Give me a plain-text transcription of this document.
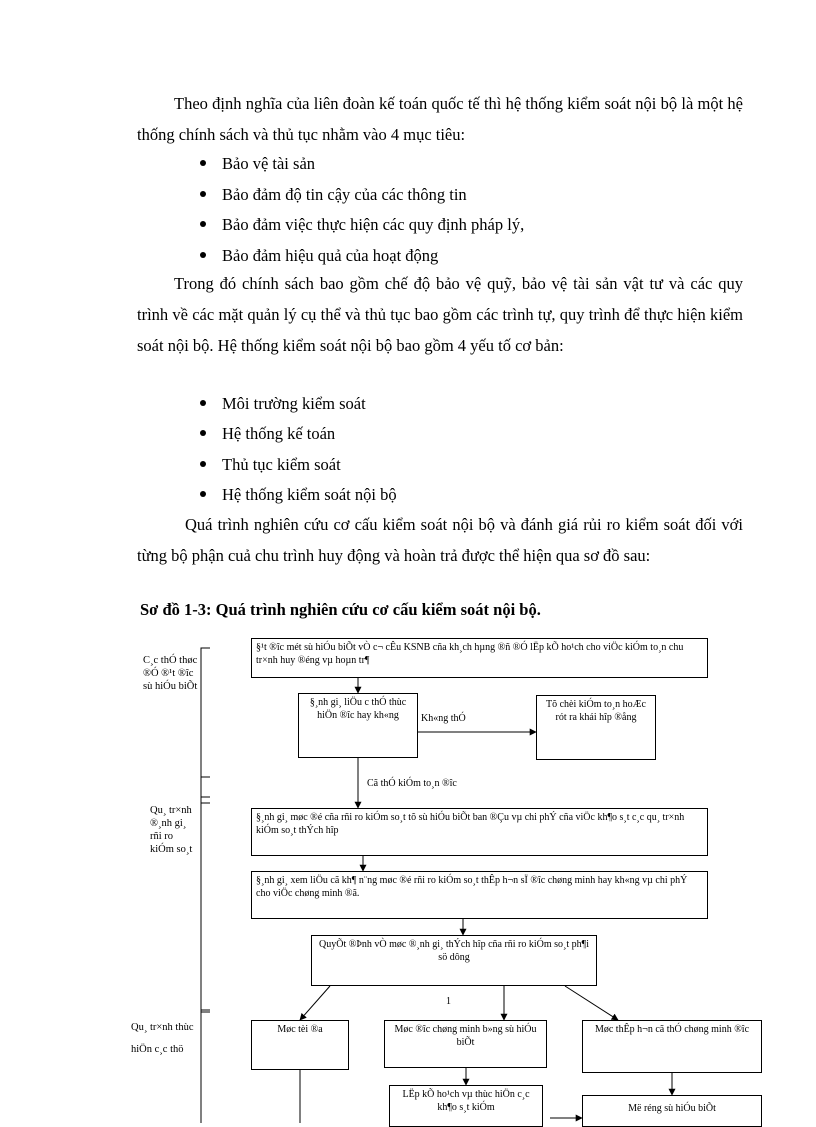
Theo định nghĩa của liên đoàn kế toán quốc tế thì hệ thống kiểm soát nội bộ là một hệ thống chính sách và thủ tục nhằm vào 4 mục tiêu:

Bảo vệ tài sản
Bảo đảm độ tin cậy của các thông tin
Bảo đảm việc thực hiện các quy định pháp lý,
Bảo đảm hiệu quả của hoạt động

Trong đó chính sách bao gồm chế độ bảo vệ quỹ, bảo vệ tài sản vật tư và các quy trình về các mặt quản lý cụ thể và thủ tục bao gồm các trình tự, quy trình để thực hiện kiểm soát nội bộ. Hệ thống kiểm soát nội bộ bao gồm 4 yếu tố cơ bản:

Môi trường kiểm soát
Hệ thống kế toán
Thủ tục kiểm soát
Hệ thống kiểm soát nội bộ

Quá trình nghiên cứu cơ cấu kiểm soát nội bộ và đánh giá rủi ro kiểm soát đối với từng bộ phận cuả chu trình huy động và hoàn trả được thể hiện qua sơ đồ sau:

Sơ đồ 1-3: Quá trình nghiên cứu cơ cấu kiểm soát nội bộ.
C¸c thÓ thøc ®Ó ®¹t ®îc sù hiÓu biÕt
Qu¸ tr×nh ®¸nh gi¸ rñi ro kiÓm so¸t
Qu¸ tr×nh thùc hiÖn c¸c thö
§¹t ®îc mét sù hiÓu biÕt vÒ c¬ cÊu KSNB cña kh¸ch hµng ®ñ ®Ó lËp kÕ ho¹ch cho viÖc kiÓm to¸n chu tr×nh huy ®éng vµ hoµn tr¶
§¸nh gi¸ liÖu c thÓ thùc hiÖn ®îc hay kh«ng
Tõ chèi kiÓm to¸n hoÆc rót ra khái hîp ®ång
§¸nh gi¸ møc ®é cña rñi ro kiÓm so¸t tõ sù hiÓu biÕt ban ®Çu vµ chi phÝ cña viÖc kh¶o s¸t c¸c qu¸ tr×nh kiÓm so¸t thÝch hîp
§¸nh gi¸ xem liÖu cã kh¶ n¨ng møc ®é rñi ro kiÓm so¸t thÊp h¬n sÏ ®îc chøng minh hay kh«ng vµ chi phÝ cho viÖc chøng minh ®ã.
QuyÕt ®Þnh vÒ møc ®¸nh gi¸ thÝch hîp cña rñi ro kiÓm so¸t ph¶i sö dông
Møc tèi ®a	Møc ®îc chøng minh b»ng sù hiÓu biÕt
Møc thÊp h¬n cã thÓ chøng minh ®îc
LËp kÕ ho¹ch vµ thùc hiÖn c¸c kh¶o s¸t kiÓm	Më réng sù hiÓu biÕt
Kh«ng thÓ
Cã thÓ kiÓm to¸n ®îc
1
